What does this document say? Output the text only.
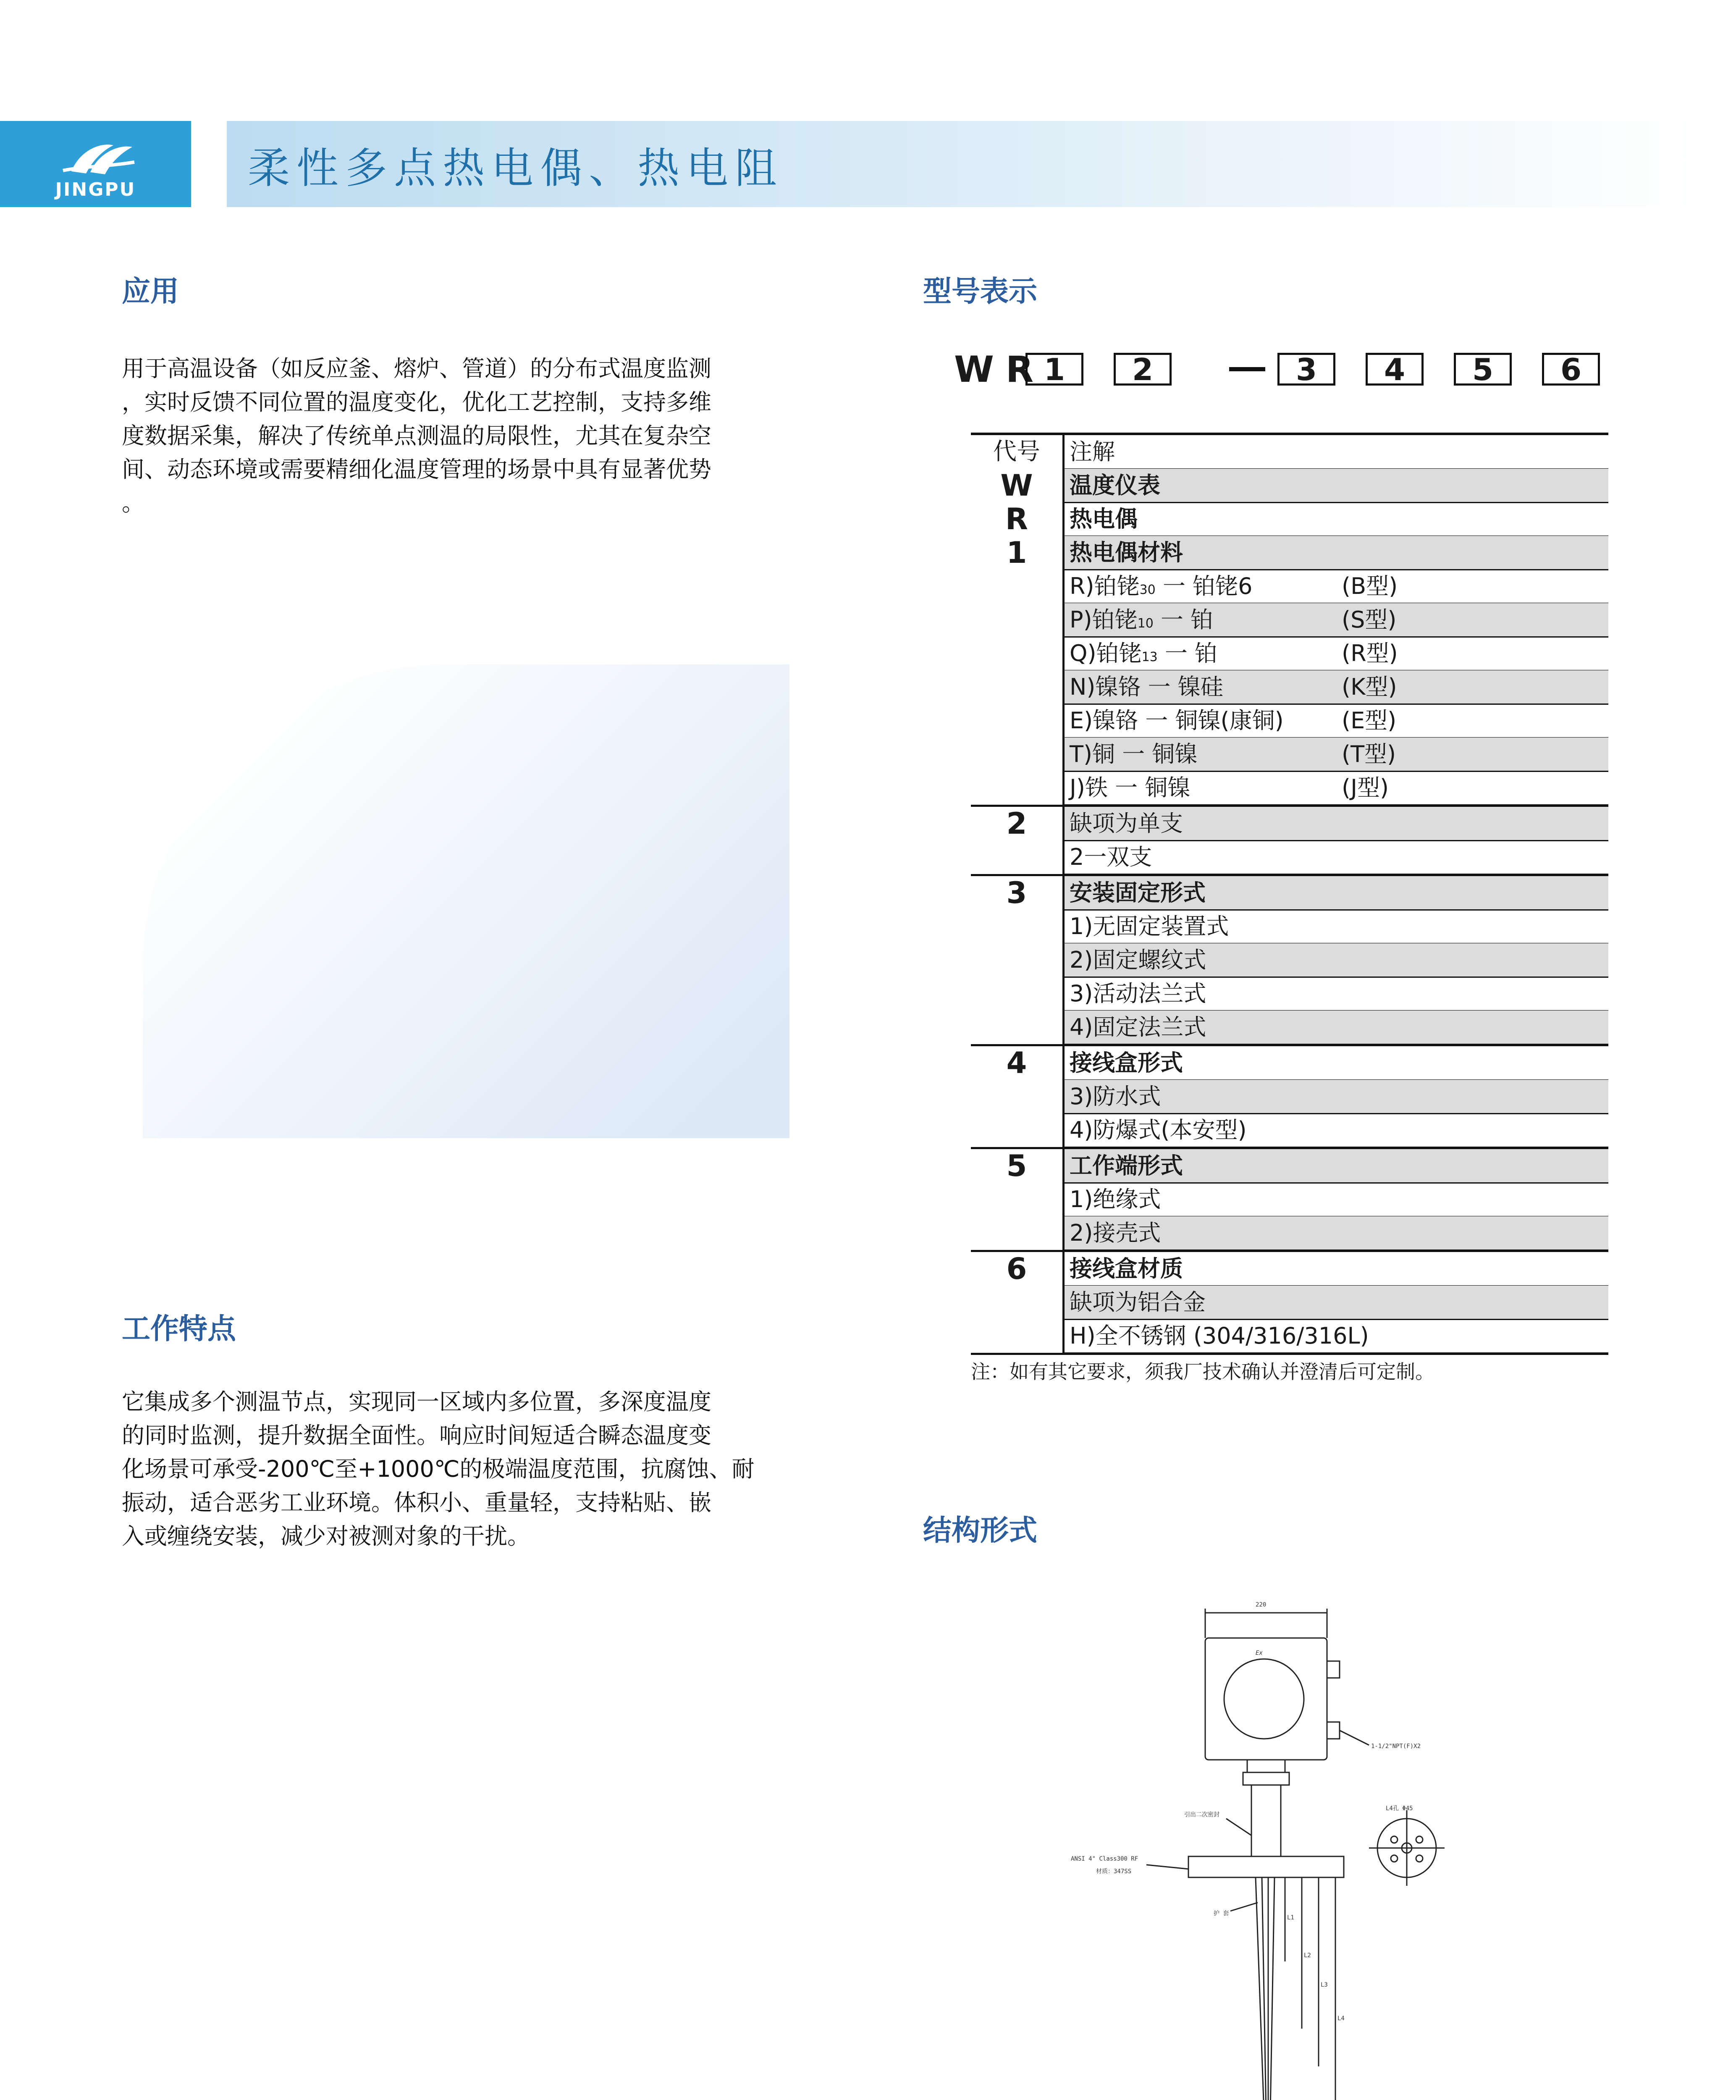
JINGPU	柔性多点热电偶、热电阻
应用
用于高温设备（如反应釜、熔炉、管道）的分布式温度监测
，实时反馈不同位置的温度变化，优化工艺控制，支持多维
度数据采集，解决了传统单点测温的局限性，尤其在复杂空
间、动态环境或需要精细化温度管理的场景中具有显著优势
。
工作特点
它集成多个测温节点，实现同一区域内多位置，多深度温度
的同时监测，提升数据全面性。响应时间短适合瞬态温度变
化场景可承受-200℃至+1000℃的极端温度范围，抗腐蚀、耐
振动，适合恶劣工业环境。体积小、重量轻，支持粘贴、嵌
入或缠绕安装，减少对被测对象的干扰。
型号表示
WR
1	2	3	4	5	6
代号	注解
W	温度仪表
R	热电偶
1	热电偶材料
R)铂铑30 一 铂铑6	(B型)
P)铂铑10 一 铂	(S型)
Q)铂铑13 一 铂	(R型)
N)镍铬 一 镍硅	(K型)
E)镍铬 一 铜镍(康铜)	(E型)
T)铜 一 铜镍	(T型)
J)铁 一 铜镍	(J型)
2	缺项为单支
2一双支
3	安装固定形式
1)无固定装置式
2)固定螺纹式
3)活动法兰式
4)固定法兰式
4	接线盒形式
3)防水式
4)防爆式(本安型)
5	工作端形式
1)绝缘式
2)接壳式
6	接线盒材质
缺项为铝合金
H)全不锈钢 (304/316/316L)
注：如有其它要求，须我厂技术确认并澄清后可定制。
结构形式
220
Ex
1-1/2"NPT(F)X2
引出二次密封
ANSI 4" Class300 RF
材质：347SS
L4孔 Φ45
护 套
L1
L2
L3
L4
